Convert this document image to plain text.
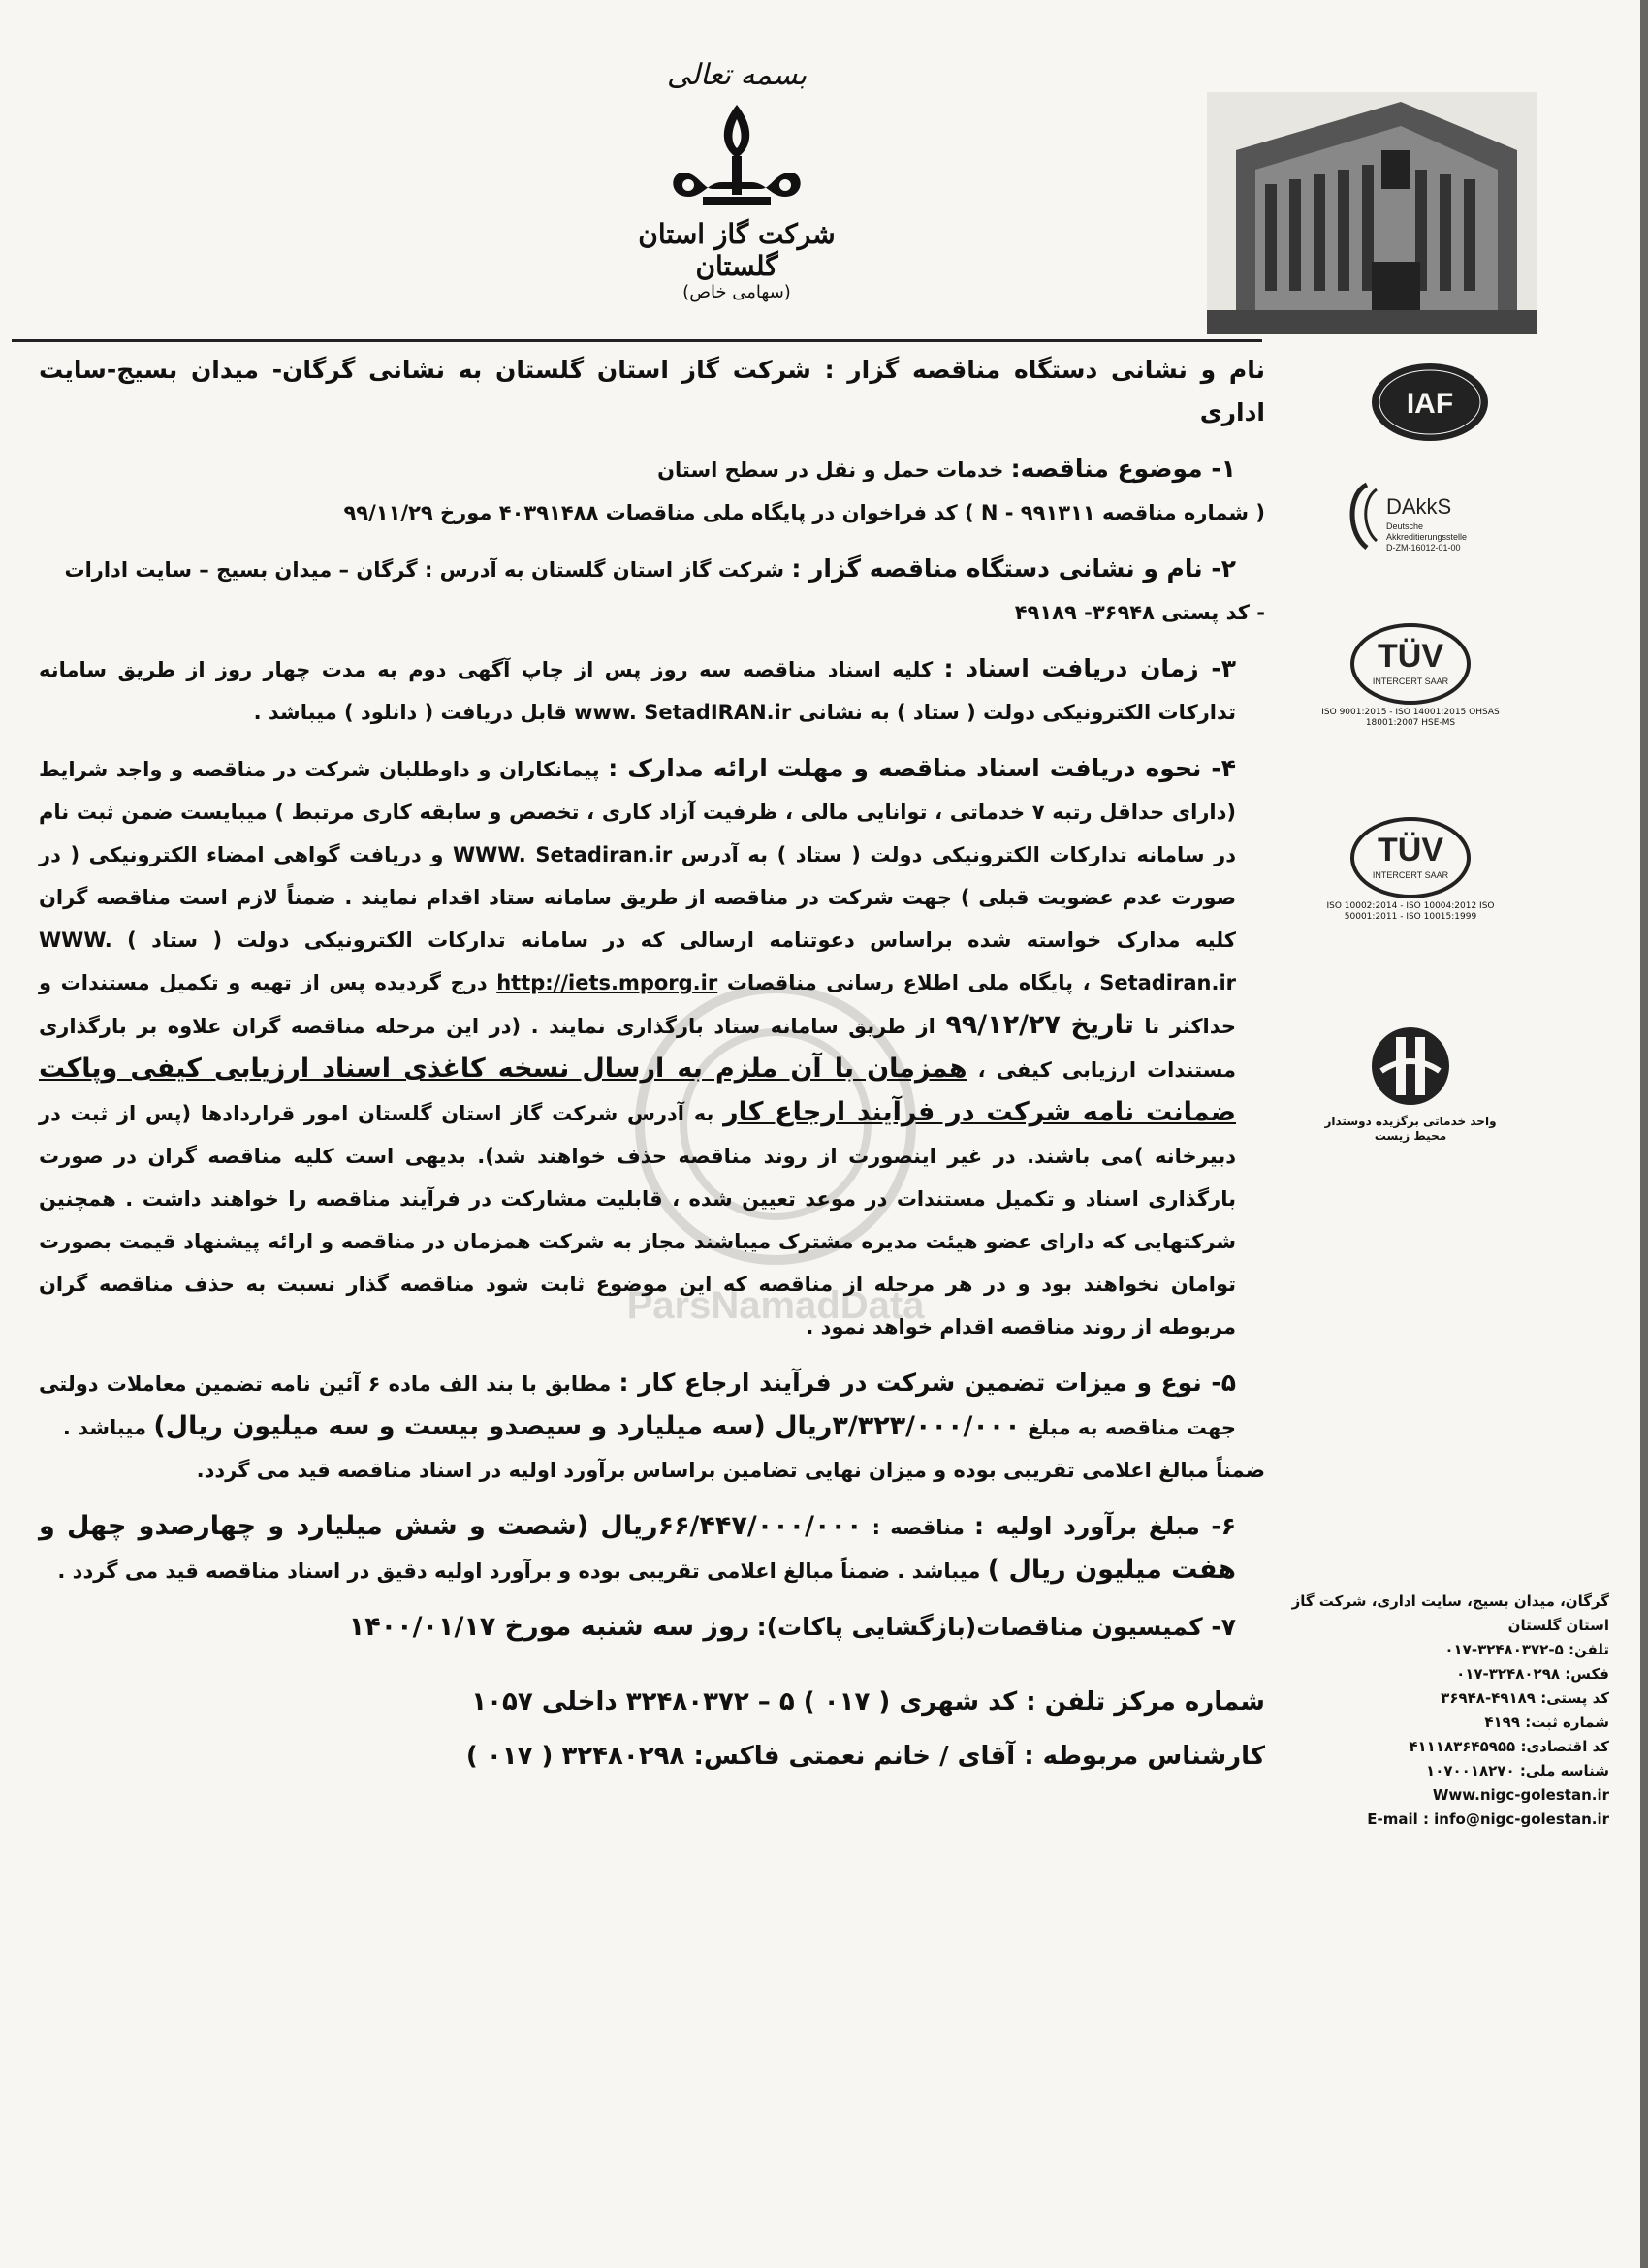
بسمه تعالی
شرکت گاز استان گلستان
(سهامی خاص)
IAF
DAkkS
Deutsche
Akkreditierungsstelle
D-ZM-16012-01-00
TÜV
INTERCERT SAAR
ISO 9001:2015 - ISO 14001:2015 OHSAS 18001:2007 HSE-MS
TÜV
INTERCERT SAAR
ISO 10002:2014 - ISO 10004:2012 ISO 50001:2011 - ISO 10015:1999
واحد خدماتی برگزیده دوستدار محیط زیست
گرگان، میدان بسیج، سایت اداری، شرکت گاز استان گلستان
تلفن: ۵-۳۲۴۸۰۳۷۲-۰۱۷
فکس: ۳۲۴۸۰۲۹۸-۰۱۷
کد پستی: ۴۹۱۸۹-۳۶۹۴۸
شماره ثبت: ۴۱۹۹
کد اقتصادی: ۴۱۱۱۸۳۶۴۵۹۵۵
شناسه ملی: ۱۰۷۰۰۱۸۲۷۰
Www.nigc-golestan.ir
E-mail : info@nigc-golestan.ir
ParsNamadData

نام و نشانی دستگاه مناقصه گزار : شرکت گاز استان گلستان به نشانی گرگان- میدان بسیج-سایت اداری

۱- موضوع مناقصه: خدمات حمل و نقل در سطح استان

( شماره مناقصه N - ۹۹۱۳۱۱ ) کد فراخوان در پایگاه ملی مناقصات ۴۰۳۹۱۴۸۸ مورخ ۹۹/۱۱/۲۹

۲- نام و نشانی دستگاه مناقصه گزار : شرکت گاز استان گلستان به آدرس : گرگان – میدان بسیج – سایت ادارات

- کد پستی ۳۶۹۴۸- ۴۹۱۸۹

۳- زمان دریافت اسناد : کلیه اسناد مناقصه سه روز پس از چاپ آگهی دوم به مدت چهار روز از طریق سامانه تدارکات الکترونیکی دولت ( ستاد ) به نشانی www. SetadIRAN.ir قابل دریافت ( دانلود ) میباشد .

۴- نحوه دریافت اسناد مناقصه و مهلت ارائه مدارک : پیمانکاران و داوطلبان شرکت در مناقصه و واجد شرایط (دارای حداقل رتبه ۷ خدماتی ، توانایی مالی ، ظرفیت آزاد کاری ، تخصص و سابقه کاری مرتبط ) میبایست ضمن ثبت نام در سامانه تدارکات الکترونیکی دولت ( ستاد ) به آدرس WWW. Setadiran.ir و دریافت گواهی امضاء الکترونیکی ( در صورت عدم عضویت قبلی ) جهت شرکت در مناقصه از طریق سامانه ستاد اقدام نمایند . ضمناً لازم است مناقصه گران کلیه مدارک خواسته شده براساس دعوتنامه ارسالی که در سامانه تدارکات الکترونیکی دولت ( ستاد ) WWW. Setadiran.ir ، پایگاه ملی اطلاع رسانی مناقصات http://iets.mporg.ir درج گردیده پس از تهیه و تکمیل مستندات و حداکثر تا تاریخ ۹۹/۱۲/۲۷ از طریق سامانه ستاد بارگذاری نمایند . (در این مرحله مناقصه گران علاوه بر بارگذاری مستندات ارزیابی کیفی ، همزمان با آن ملزم به ارسال نسخه کاغذی اسناد ارزیابی کیفی وپاکت ضمانت نامه شرکت در فرآیند ارجاع کار به آدرس شرکت گاز استان گلستان امور قراردادها (پس از ثبت در دبیرخانه )می باشند. در غیر اینصورت از روند مناقصه حذف خواهند شد). بدیهی است کلیه مناقصه گران در صورت بارگذاری اسناد و تکمیل مستندات در موعد تعیین شده ، قابلیت مشارکت در فرآیند مناقصه را خواهند داشت . همچنین شرکتهایی که دارای عضو هیئت مدیره مشترک میباشند مجاز به شرکت همزمان در مناقصه و ارائه پیشنهاد قیمت بصورت توامان نخواهند بود و در هر مرحله از مناقصه که این موضوع ثابت شود مناقصه گذار نسبت به حذف مناقصه گران مربوطه از روند مناقصه اقدام خواهد نمود .

۵- نوع و میزات تضمین شرکت در فرآیند ارجاع کار : مطابق با بند الف ماده ۶ آئین نامه تضمین معاملات دولتی جهت مناقصه به مبلغ ۳/۳۲۳/۰۰۰/۰۰۰ریال (سه میلیارد و سیصدو بیست و سه میلیون ریال) میباشد .

ضمناً مبالغ اعلامی تقریبی بوده و میزان نهایی تضامین براساس برآورد اولیه در اسناد مناقصه قید می گردد.

۶- مبلغ برآورد اولیه : مناقصه : ۶۶/۴۴۷/۰۰۰/۰۰۰ریال (شصت و شش میلیارد و چهارصدو چهل و هفت میلیون ریال ) میباشد . ضمناً مبالغ اعلامی تقریبی بوده و برآورد اولیه دقیق در اسناد مناقصه قید می گردد .

۷- کمیسیون مناقصات(بازگشایی پاکات): روز سه شنبه مورخ ۱۴۰۰/۰۱/۱۷

شماره مرکز تلفن : کد شهری ( ۰۱۷ ) ۵ – ۳۲۴۸۰۳۷۲ داخلی ۱۰۵۷

کارشناس مربوطه : آقای / خانم نعمتی فاکس: ۳۲۴۸۰۲۹۸ ( ۰۱۷ )
